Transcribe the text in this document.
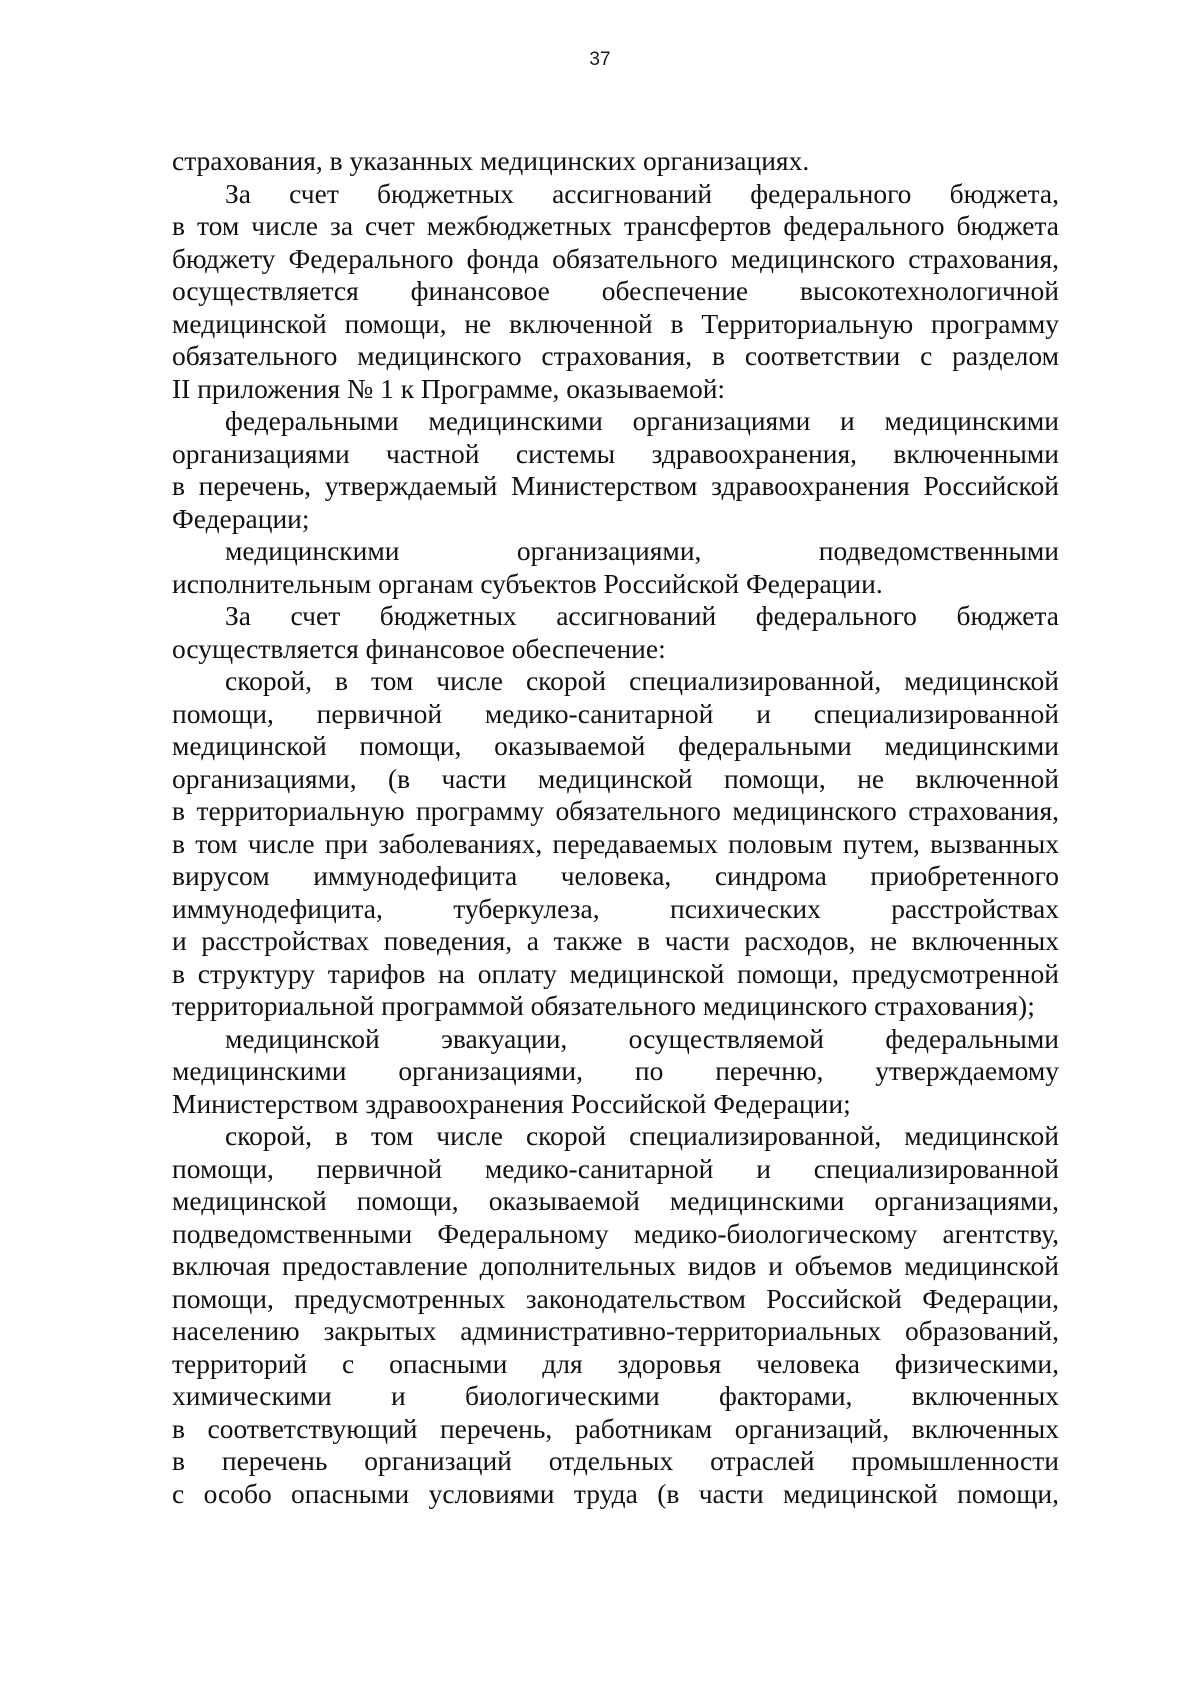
37
страхования, в указанных медицинских организациях.
За счет бюджетных ассигнований федерального бюджета,
в том числе за счет межбюджетных трансфертов федерального бюджета
бюджету Федерального фонда обязательного медицинского страхования,
осуществляется финансовое обеспечение высокотехнологичной
медицинской помощи, не включенной в Территориальную программу
обязательного медицинского страхования, в соответствии с разделом
II приложения № 1 к Программе, оказываемой:
федеральными медицинскими организациями и медицинскими
организациями частной системы здравоохранения, включенными
в перечень, утверждаемый Министерством здравоохранения Российской
Федерации;
медицинскими организациями, подведомственными
исполнительным органам субъектов Российской Федерации.
За счет бюджетных ассигнований федерального бюджета
осуществляется финансовое обеспечение:
скорой, в том числе скорой специализированной, медицинской
помощи, первичной медико-санитарной и специализированной
медицинской помощи, оказываемой федеральными медицинскими
организациями, (в части медицинской помощи, не включенной
в территориальную программу обязательного медицинского страхования,
в том числе при заболеваниях, передаваемых половым путем, вызванных
вирусом иммунодефицита человека, синдрома приобретенного
иммунодефицита, туберкулеза, психических расстройствах
и расстройствах поведения, а также в части расходов, не включенных
в структуру тарифов на оплату медицинской помощи, предусмотренной
территориальной программой обязательного медицинского страхования);
медицинской эвакуации, осуществляемой федеральными
медицинскими организациями, по перечню, утверждаемому
Министерством здравоохранения Российской Федерации;
скорой, в том числе скорой специализированной, медицинской
помощи, первичной медико-санитарной и специализированной
медицинской помощи, оказываемой медицинскими организациями,
подведомственными Федеральному медико-биологическому агентству,
включая предоставление дополнительных видов и объемов медицинской
помощи, предусмотренных законодательством Российской Федерации,
населению закрытых административно-территориальных образований,
территорий с опасными для здоровья человека физическими,
химическими и биологическими факторами, включенных
в соответствующий перечень, работникам организаций, включенных
в перечень организаций отдельных отраслей промышленности
с особо опасными условиями труда (в части медицинской помощи,
